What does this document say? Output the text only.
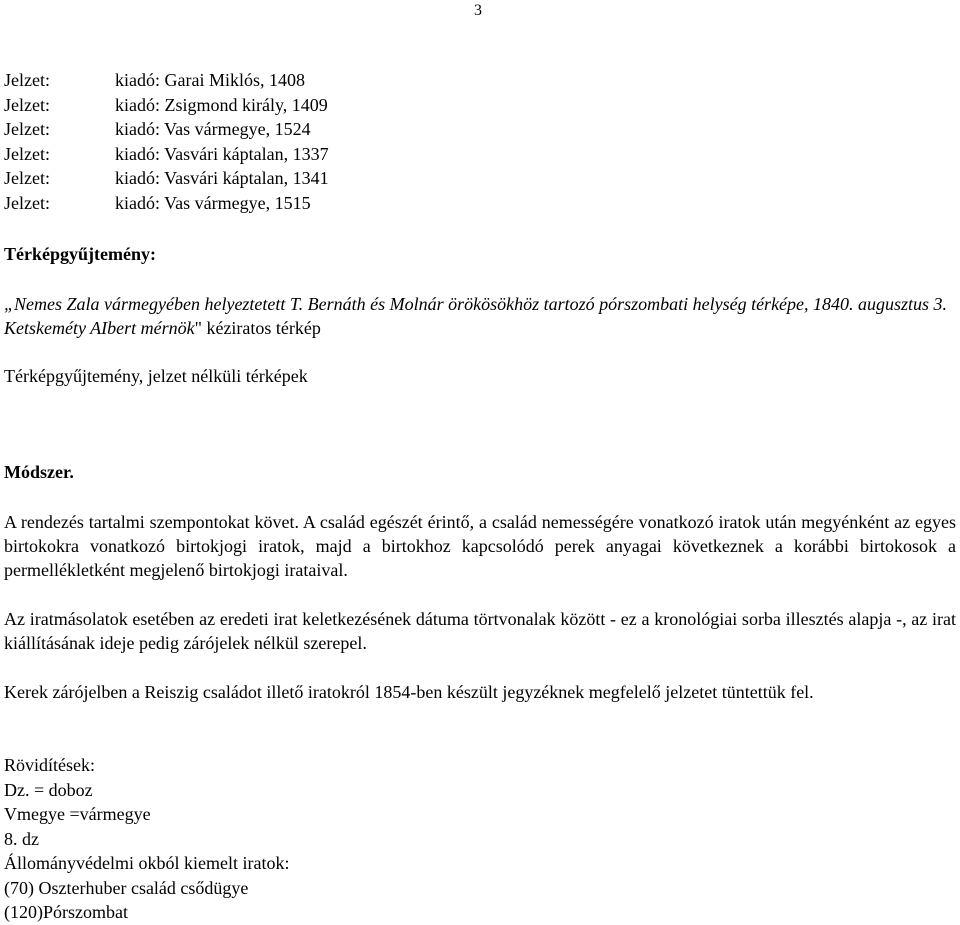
3
Jelzet:	kiadó: Garai Miklós, 1408
Jelzet:	kiadó: Zsigmond király, 1409
Jelzet:	kiadó: Vas vármegye, 1524
Jelzet:	kiadó: Vasvári káptalan, 1337
Jelzet:	kiadó: Vasvári káptalan, 1341
Jelzet:	kiadó: Vas vármegye, 1515
Térképgyűjtemény:
„Nemes Zala vármegyében helyeztetett T. Bernáth és Molnár örökösökhöz tartozó pórszombati helység térképe, 1840. augusztus 3. Ketskeméty AIbert mérnök" kéziratos térkép
Térképgyűjtemény, jelzet nélküli térképek
Módszer.

A rendezés tartalmi szempontokat követ. A család egészét érintő, a család nemességére vonatkozó iratok után megyénként az egyes birtokokra vonatkozó birtokjogi iratok, majd a birtokhoz kapcsolódó perek anyagai következnek a korábbi birtokosok a permellékletként megjelenő birtokjogi irataival.

Az iratmásolatok esetében az eredeti irat keletkezésének dátuma törtvonalak között - ez a kronológiai sorba illesztés alapja -, az irat kiállításának ideje pedig zárójelek nélkül szerepel.

Kerek zárójelben a Reiszig családot illető iratokról 1854-ben készült jegyzéknek megfelelő jelzetet tüntettük fel.

Rövidítések:
Dz. = doboz
Vmegye =vármegye
8. dz
Állományvédelmi okból kiemelt iratok:
(70) Oszterhuber család csődügye
(120)Pórszombat
